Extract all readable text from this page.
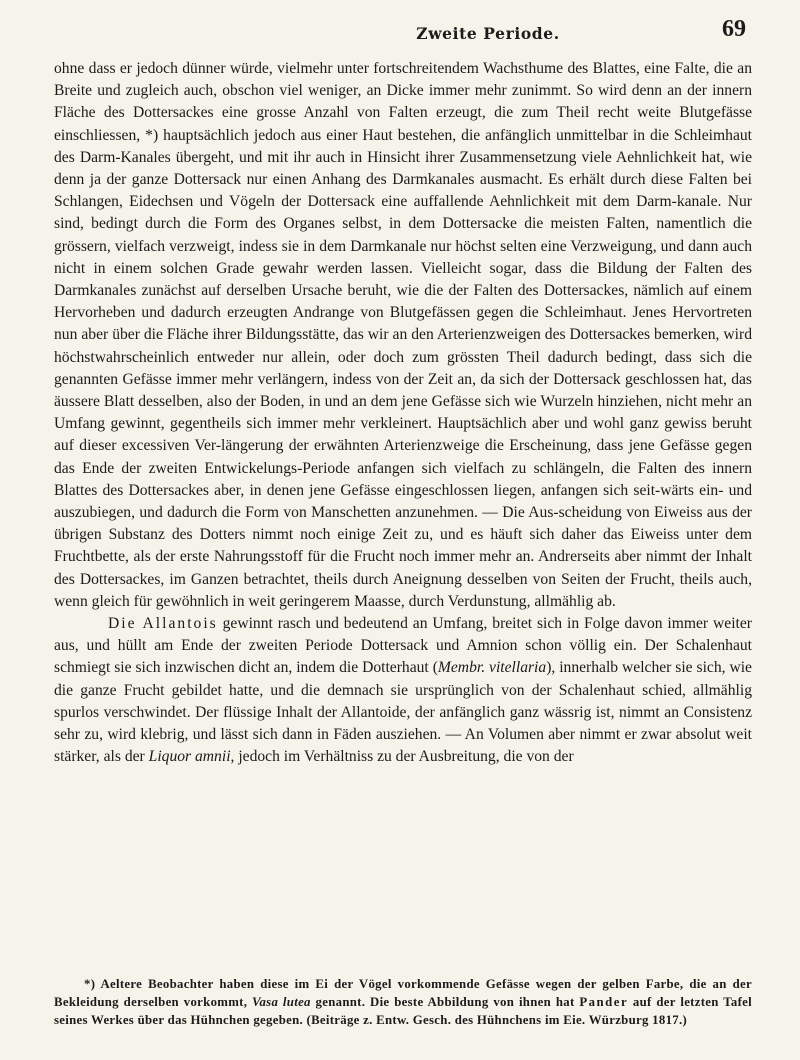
Zweite Periode.	69

ohne dass er jedoch dünner würde, vielmehr unter fortschreitendem Wachsthume des Blattes, eine Falte, die an Breite und zugleich auch, obschon viel weniger, an Dicke immer mehr zunimmt. So wird denn an der innern Fläche des Dottersackes eine grosse Anzahl von Falten erzeugt, die zum Theil recht weite Blutgefässe einschliessen, *) hauptsächlich jedoch aus einer Haut bestehen, die anfänglich unmittelbar in die Schleimhaut des Darm-Kanales übergeht, und mit ihr auch in Hinsicht ihrer Zusammensetzung viele Aehnlichkeit hat, wie denn ja der ganze Dottersack nur einen Anhang des Darmkanales ausmacht. Es erhält durch diese Falten bei Schlangen, Eidechsen und Vögeln der Dottersack eine auffallende Aehnlichkeit mit dem Darm-kanale. Nur sind, bedingt durch die Form des Organes selbst, in dem Dottersacke die meisten Falten, namentlich die grössern, vielfach verzweigt, indess sie in dem Darmkanale nur höchst selten eine Verzweigung, und dann auch nicht in einem solchen Grade gewahr werden lassen. Vielleicht sogar, dass die Bildung der Falten des Darmkanales zunächst auf derselben Ursache beruht, wie die der Falten des Dottersackes, nämlich auf einem Hervorheben und dadurch erzeugten Andrange von Blutgefässen gegen die Schleimhaut. Jenes Hervortreten nun aber über die Fläche ihrer Bildungsstätte, das wir an den Arterienzweigen des Dottersackes bemerken, wird höchstwahrscheinlich entweder nur allein, oder doch zum grössten Theil dadurch bedingt, dass sich die genannten Gefässe immer mehr verlängern, indess von der Zeit an, da sich der Dottersack geschlossen hat, das äussere Blatt desselben, also der Boden, in und an dem jene Gefässe sich wie Wurzeln hinziehen, nicht mehr an Umfang gewinnt, gegentheils sich immer mehr verkleinert. Hauptsächlich aber und wohl ganz gewiss beruht auf dieser excessiven Ver-längerung der erwähnten Arterienzweige die Erscheinung, dass jene Gefässe gegen das Ende der zweiten Entwickelungs-Periode anfangen sich vielfach zu schlängeln, die Falten des innern Blattes des Dottersackes aber, in denen jene Gefässe eingeschlossen liegen, anfangen sich seit-wärts ein- und auszubiegen, und dadurch die Form von Manschetten anzunehmen. — Die Aus-scheidung von Eiweiss aus der übrigen Substanz des Dotters nimmt noch einige Zeit zu, und es häuft sich daher das Eiweiss unter dem Fruchtbette, als der erste Nahrungsstoff für die Frucht noch immer mehr an. Andrerseits aber nimmt der Inhalt des Dottersackes, im Ganzen betrachtet, theils durch Aneignung desselben von Seiten der Frucht, theils auch, wenn gleich für gewöhnlich in weit geringerem Maasse, durch Verdunstung, allmählig ab.

Die Allantois gewinnt rasch und bedeutend an Umfang, breitet sich in Folge davon immer weiter aus, und hüllt am Ende der zweiten Periode Dottersack und Amnion schon völlig ein. Der Schalenhaut schmiegt sie sich inzwischen dicht an, indem die Dotterhaut (Membr. vitellaria), innerhalb welcher sie sich, wie die ganze Frucht gebildet hatte, und die demnach sie ursprünglich von der Schalenhaut schied, allmählig spurlos verschwindet. Der flüssige Inhalt der Allantoide, der anfänglich ganz wässrig ist, nimmt an Consistenz sehr zu, wird klebrig, und lässt sich dann in Fäden ausziehen. — An Volumen aber nimmt er zwar absolut weit stärker, als der Liquor amnii, jedoch im Verhältniss zu der Ausbreitung, die von der

*) Aeltere Beobachter haben diese im Ei der Vögel vorkommende Gefässe wegen der gelben Farbe, die an der Bekleidung derselben vorkommt, Vasa lutea genannt. Die beste Abbildung von ihnen hat Pander auf der letzten Tafel seines Werkes über das Hühnchen gegeben. (Beiträge z. Entw. Gesch. des Hühnchens im Eie. Würzburg 1817.)
